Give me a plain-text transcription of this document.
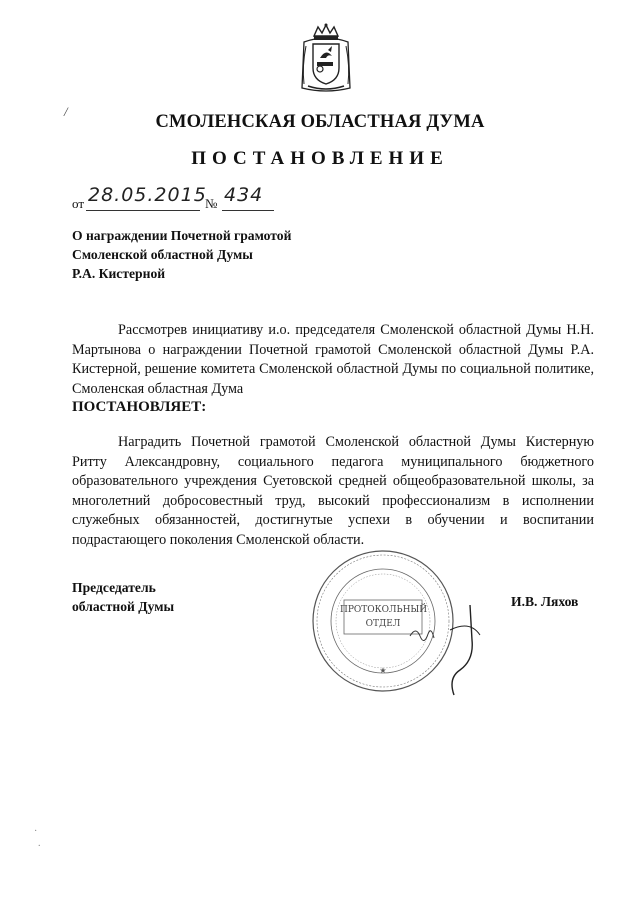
/
СМОЛЕНСКАЯ ОБЛАСТНАЯ ДУМА
ПОСТАНОВЛЕНИЕ
от 28.05.2015
№ 434
О награждении Почетной грамотой
Смоленской областной Думы
Р.А. Кистерной
Рассмотрев инициативу и.о. председателя Смоленской областной Думы Н.Н. Мартынова о награждении Почетной грамотой Смоленской областной Думы Р.А. Кистерной, решение комитета Смоленской областной Думы по социальной политике, Смоленская областная Дума
ПОСТАНОВЛЯЕТ:
Наградить Почетной грамотой Смоленской областной Думы Кистерную Ритту Александровну, социального педагога муниципального бюджетного образовательного учреждения Суетовской средней общеобразовательной школы, за многолетний добросовестный труд, высокий профессионализм в исполнении служебных обязанностей, достигнутые успехи в обучении и воспитании подрастающего поколения Смоленской области.
Председатель
областной Думы
★
ПРОТОКОЛЬНЫЙ
ОТДЕЛ
И.В. Ляхов
·
.
